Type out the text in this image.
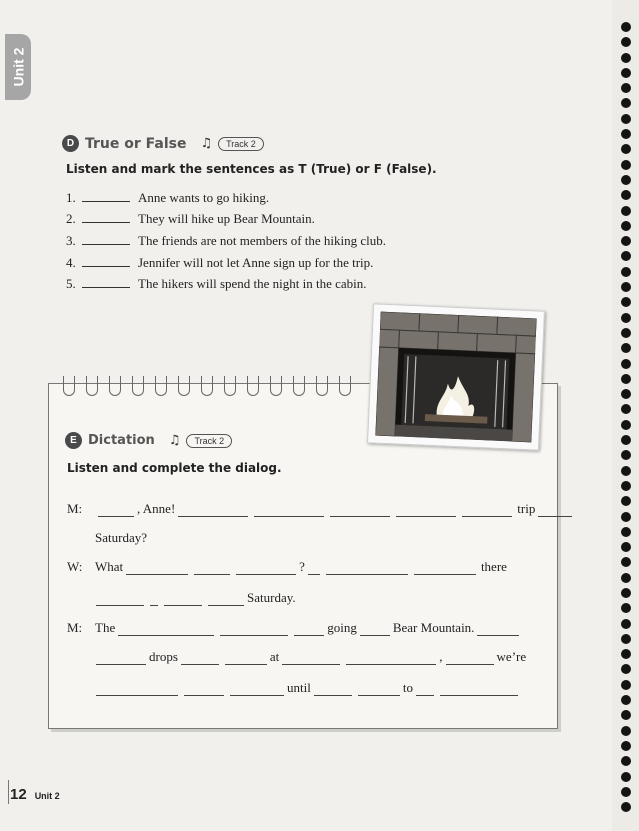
Unit 2
D True or False ♫	Track 2
Listen and mark the sentences as T (True) or F (False).
1.	Anne wants to go hiking.
2.	They will hike up Bear Mountain.
3.	The friends are not members of the hiking club.
4.	Jennifer will not let Anne sign up for the trip.
5.	The hikers will spend the night in the cabin.
E Dictation ♫	Track 2
Listen and complete the dialog.
M:	, Anne!	trip
Saturday?
W: What	?	there
Saturday.
M: The	going	Bear Mountain.
drops	at	,	we’re
until	to
12 Unit 2
